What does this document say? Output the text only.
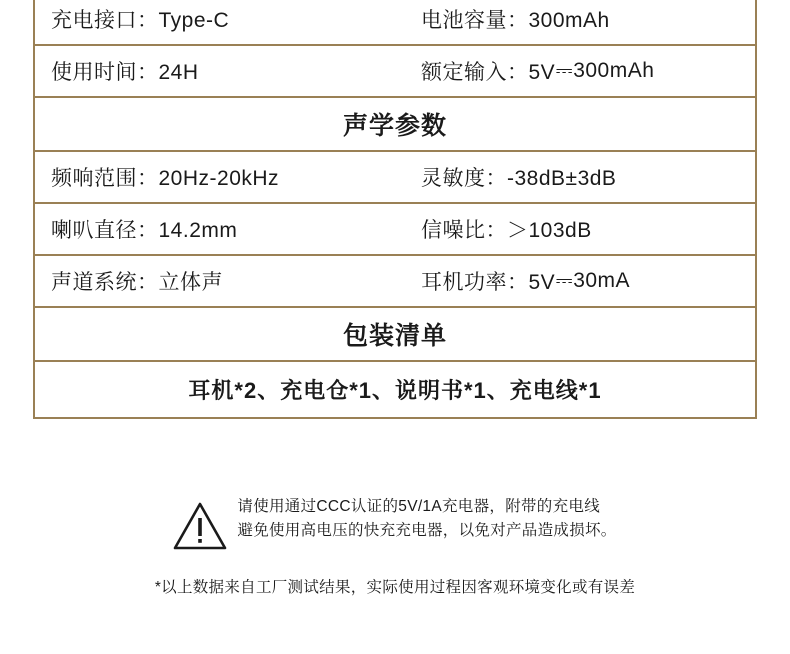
充电接口：Type-C	电池容量：300mAh
使用时间：24H	额定输入：5V ⎓ 300mAh
声学参数
频响范围：20Hz-20kHz	灵敏度：-38dB±3dB
喇叭直径：14.2mm	信噪比：＞103dB
声道系统：立体声	耳机功率：5V ⎓ 30mA
包装清单
耳机*2、充电仓*1、说明书*1、充电线*1
请使用通过CCC认证的5V/1A充电器，附带的充电线
避免使用高电压的快充充电器，以免对产品造成损坏。
*以上数据来自工厂测试结果，实际使用过程因客观环境变化或有误差
